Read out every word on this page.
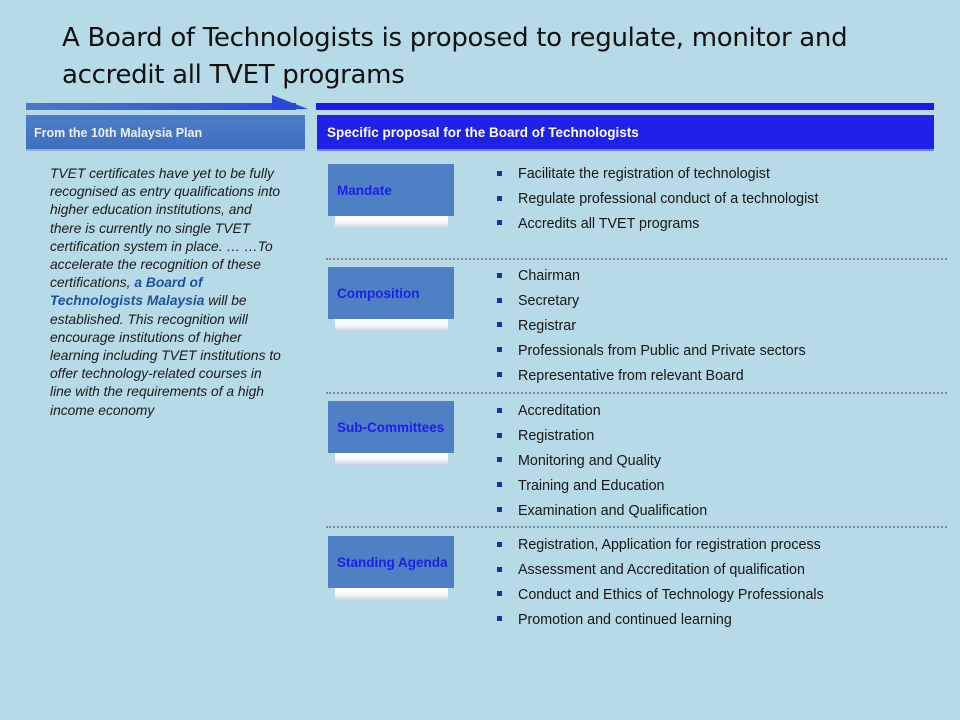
A Board of Technologists is proposed to regulate, monitor and accredit all TVET programs
From the 10th Malaysia Plan	Specific proposal for the Board of Technologists
TVET certificates have yet to be fully recognised as entry qualifications into higher education institutions, and there is currently no single TVET certification system in place. … …To accelerate the recognition of these certifications, a Board of Technologists Malaysia will be established. This recognition will encourage institutions of higher learning including TVET institutions to offer technology-related courses in line with the requirements of a high income economy
Mandate
Facilitate the registration of technologist
Regulate professional conduct of a technologist
Accredits all TVET programs
Composition
Chairman
Secretary
Registrar
Professionals from Public and Private sectors
Representative from relevant Board
Sub-Committees
Accreditation
Registration
Monitoring and Quality
Training and Education
Examination and Qualification
Standing Agenda
Registration, Application for registration process
Assessment and Accreditation of qualification
Conduct and Ethics of Technology Professionals
Promotion and continued learning
